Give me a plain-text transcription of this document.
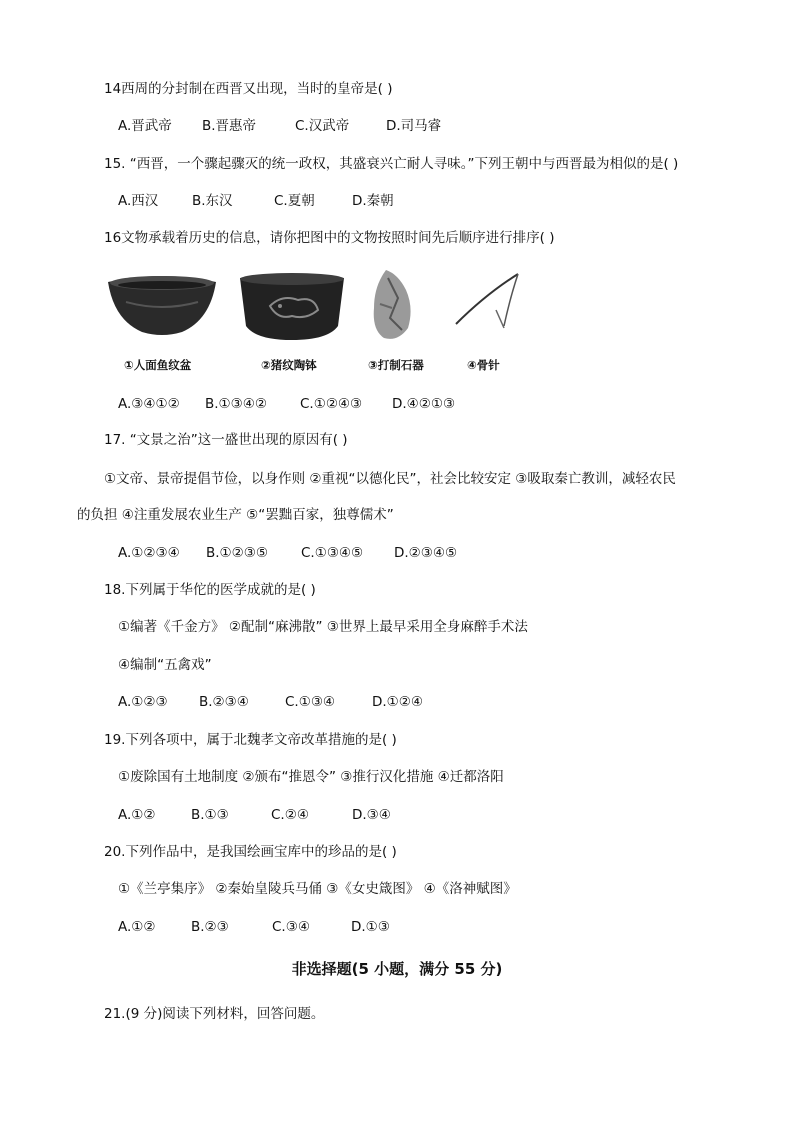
14西周的分封制在西晋又出现，当时的皇帝是( )
A.晋武帝 B.晋惠帝	C.汉武帝	D.司马睿
15. “西晋，一个骤起骤灭的统一政权，其盛衰兴亡耐人寻味。”下列王朝中与西晋最为相似的是( )
A.西汉 B.东汉	C.夏朝	D.秦朝
16文物承载着历史的信息，请你把图中的文物按照时间先后顺序进行排序( )
①人面鱼纹盆	②猪纹陶钵	③打制石器	④骨针
A.③④①② B.①③④② C.①②④③ D.④②①③
17. “文景之治”这一盛世出现的原因有( )
①文帝、景帝提倡节俭，以身作则 ②重视“以德化民”，社会比较安定 ③吸取秦亡教训，减轻农民
的负担 ④注重发展农业生产 ⑤“罢黜百家，独尊儒术”
A.①②③④ B.①②③⑤ C.①③④⑤ D.②③④⑤
18.下列属于华佗的医学成就的是( )
①编著《千金方》 ②配制“麻沸散” ③世界上最早采用全身麻醉手术法
④编制“五禽戏”
A.①②③ B.②③④	C.①③④	D.①②④
19.下列各项中，属于北魏孝文帝改革措施的是( )
①废除国有土地制度 ②颁布“推恩令” ③推行汉化措施 ④迁都洛阳
A.①②	B.①③	C.②④	D.③④
20.下列作品中，是我国绘画宝库中的珍品的是( )
①《兰亭集序》 ②秦始皇陵兵马俑 ③《女史箴图》 ④《洛神赋图》
A.①②	B.②③	C.③④	D.①③
非选择题(5 小题，满分 55 分)
21.(9 分)阅读下列材料，回答问题。
